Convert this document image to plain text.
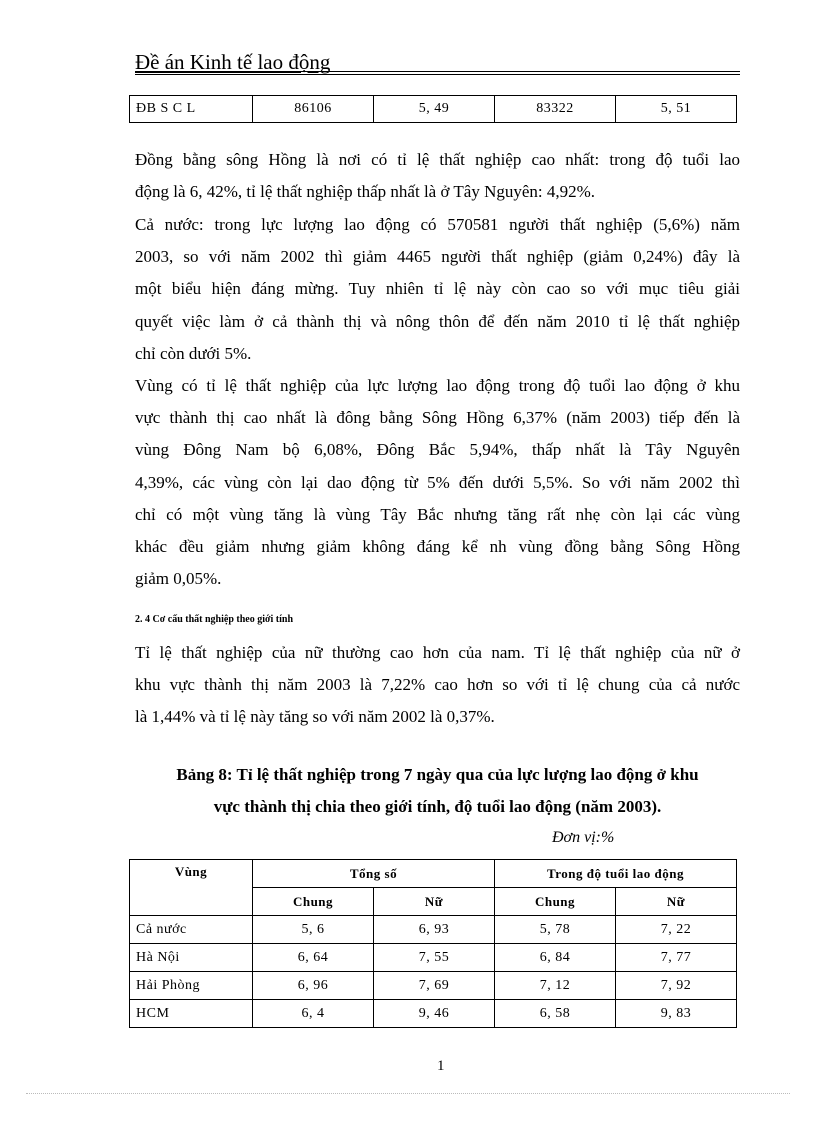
Đề án Kinh tế lao động
ĐB S C L	86106	5, 49	83322	5, 51

Đồng bằng sông Hồng là nơi có tỉ lệ thất nghiệp cao nhất: trong độ tuổi lao
động là 6, 42%, tỉ lệ thất nghiệp thấp nhất là ở Tây Nguyên: 4,92%.

Cả nước: trong lực lượng lao động có 570581 người thất nghiệp (5,6%) năm
2003, so với năm 2002 thì giảm 4465 người thất nghiệp (giảm 0,24%) đây là
một biểu hiện đáng mừng. Tuy nhiên tỉ lệ này còn cao so với mục tiêu giải
quyết việc làm ở cả thành thị và nông thôn để đến năm 2010 tỉ lệ thất nghiệp
chỉ còn dưới 5%.

Vùng có tỉ lệ thất nghiệp của lực lượng lao động trong độ tuổi lao động ở khu
vực thành thị cao nhất là đông bằng Sông Hồng 6,37% (năm 2003) tiếp đến là
vùng Đông Nam bộ 6,08%, Đông Bắc 5,94%, thấp nhất là Tây Nguyên
4,39%, các vùng còn lại dao động từ 5% đến dưới 5,5%. So với năm 2002 thì
chỉ có một vùng tăng là vùng Tây Bắc nhưng tăng rất nhẹ còn lại các vùng
khác đều giảm nhưng giảm không đáng kể nh vùng đồng bằng Sông Hồng
giảm 0,05%.

2. 4 Cơ cấu thất nghiệp theo giới tính

Tỉ lệ thất nghiệp của nữ thường cao hơn của nam. Tỉ lệ thất nghiệp của nữ ở
khu vực thành thị năm 2003 là 7,22% cao hơn so với tỉ lệ chung của cả nước
là 1,44% và tỉ lệ này tăng so với năm 2002 là 0,37%.

Bảng 8: Tỉ lệ thất nghiệp trong 7 ngày qua của lực lượng lao động ở khu
vực thành thị chia theo giới tính, độ tuổi lao động (năm 2003).
Đơn vị:%
Vùng	Tổng số		Trong độ tuổi lao động	
	Chung	Nữ	Chung	Nữ
Cả nước	5, 6	6, 93	5, 78	7, 22
Hà Nội	6, 64	7, 55	6, 84	7, 77
Hải Phòng	6, 96	7, 69	7, 12	7, 92
HCM	6, 4	9, 46	6, 58	9, 83
1
